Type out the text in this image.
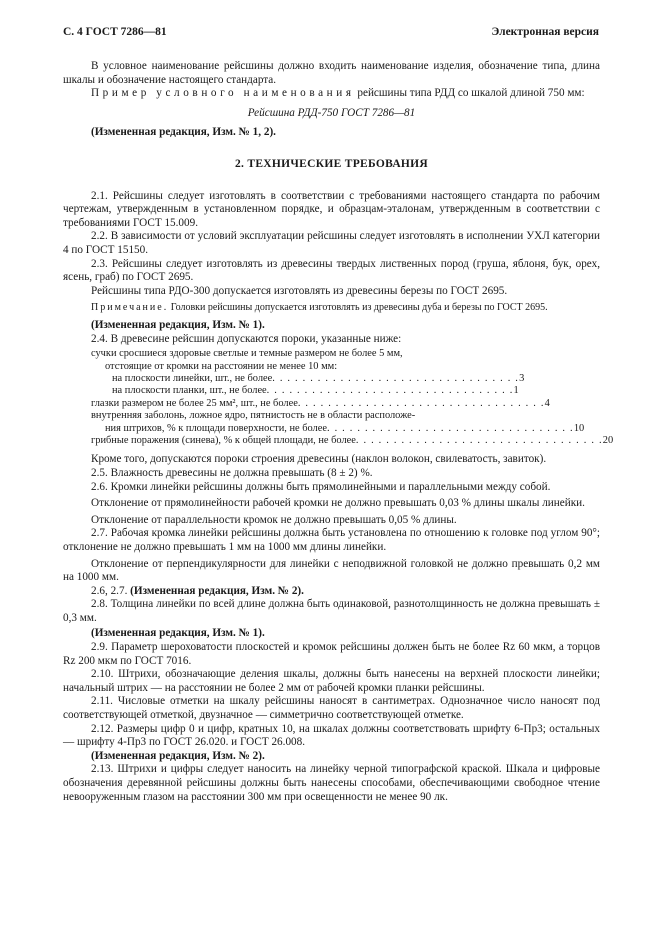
С. 4 ГОСТ 7286—81	Электронная версия

В условное наименование рейсшины должно входить наименование изделия, обозначение типа, длина шкалы и обозначение настоящего стандарта.

Пример условного наименования рейсшины типа РДД со шкалой длиной 750 мм:

Рейсшина РДД-750 ГОСТ 7286—81

(Измененная редакция, Изм. № 1, 2).

2. ТЕХНИЧЕСКИЕ ТРЕБОВАНИЯ

2.1. Рейсшины следует изготовлять в соответствии с требованиями настоящего стандарта по рабочим чертежам, утвержденным в установленном порядке, и образцам-эталонам, утвержденным в соответствии с требованиями ГОСТ 15.009.

2.2. В зависимости от условий эксплуатации рейсшины следует изготовлять в исполнении УХЛ категории 4 по ГОСТ 15150.

2.3. Рейсшины следует изготовлять из древесины твердых лиственных пород (груша, яблоня, бук, орех, ясень, граб) по ГОСТ 2695.

Рейсшины типа РДО-300 допускается изготовлять из древесины березы по ГОСТ 2695.

Примечание. Головки рейсшины допускается изготовлять из древесины дуба и березы по ГОСТ 2695.

(Измененная редакция, Изм. № 1).

2.4. В древесине рейсшин допускаются пороки, указанные ниже:

сучки сросшиеся здоровые светлые и темные размером не более 5 мм,
отстоящие от кромки на расстоянии не менее 10 мм:
на плоскости линейки, шт., не более . . . . . . . . . . . . . . . . . . . . . . . . . . . . . . . . . 3
на плоскости планки, шт., не более . . . . . . . . . . . . . . . . . . . . . . . . . . . . . . . . . 1
глазки размером не более 25 мм², шт., не более . . . . . . . . . . . . . . . . . . . . . . . . . . . . . . . . . 4
внутренняя заболонь, ложное ядро, пятнистость не в области расположе-
ния штрихов, % к площади поверхности, не более . . . . . . . . . . . . . . . . . . . . . . . . . . . . . . . . . 10
грибные поражения (синева), % к общей площади, не более . . . . . . . . . . . . . . . . . . . . . . . . . . . . . . . . . 20

Кроме того, допускаются пороки строения древесины (наклон волокон, свилеватость, завиток).

2.5. Влажность древесины не должна превышать (8 ± 2) %.

2.6. Кромки линейки рейсшины должны быть прямолинейными и параллельными между собой.

Отклонение от прямолинейности рабочей кромки не должно превышать 0,03 % длины шкалы линейки.

Отклонение от параллельности кромок не должно превышать 0,05 % длины.

2.7. Рабочая кромка линейки рейсшины должна быть установлена по отношению к головке под углом 90°; отклонение не должно превышать 1 мм на 1000 мм длины линейки.

Отклонение от перпендикулярности для линейки с неподвижной головкой не должно превышать 0,2 мм на 1000 мм.

2.6, 2.7. (Измененная редакция, Изм. № 2).

2.8. Толщина линейки по всей длине должна быть одинаковой, разнотолщинность не должна превышать ± 0,3 мм.

(Измененная редакция, Изм. № 1).

2.9. Параметр шероховатости плоскостей и кромок рейсшины должен быть не более Rz 60 мкм, а торцов Rz 200 мкм по ГОСТ 7016.

2.10. Штрихи, обозначающие деления шкалы, должны быть нанесены на верхней плоскости линейки; начальный штрих — на расстоянии не более 2 мм от рабочей кромки планки рейсшины.

2.11. Числовые отметки на шкалу рейсшины наносят в сантиметрах. Однозначное число наносят под соответствующей отметкой, двузначное — симметрично соответствующей отметке.

2.12. Размеры цифр 0 и цифр, кратных 10, на шкалах должны соответствовать шрифту 6-Пр3; остальных — шрифту 4-Пр3 по ГОСТ 26.020. и ГОСТ 26.008.

(Измененная редакция, Изм. № 2).

2.13. Штрихи и цифры следует наносить на линейку черной типографской краской. Шкала и цифровые обозначения деревянной рейсшины должны быть нанесены способами, обеспечивающими свободное чтение невооруженным глазом на расстоянии 300 мм при освещенности не менее 90 лк.
